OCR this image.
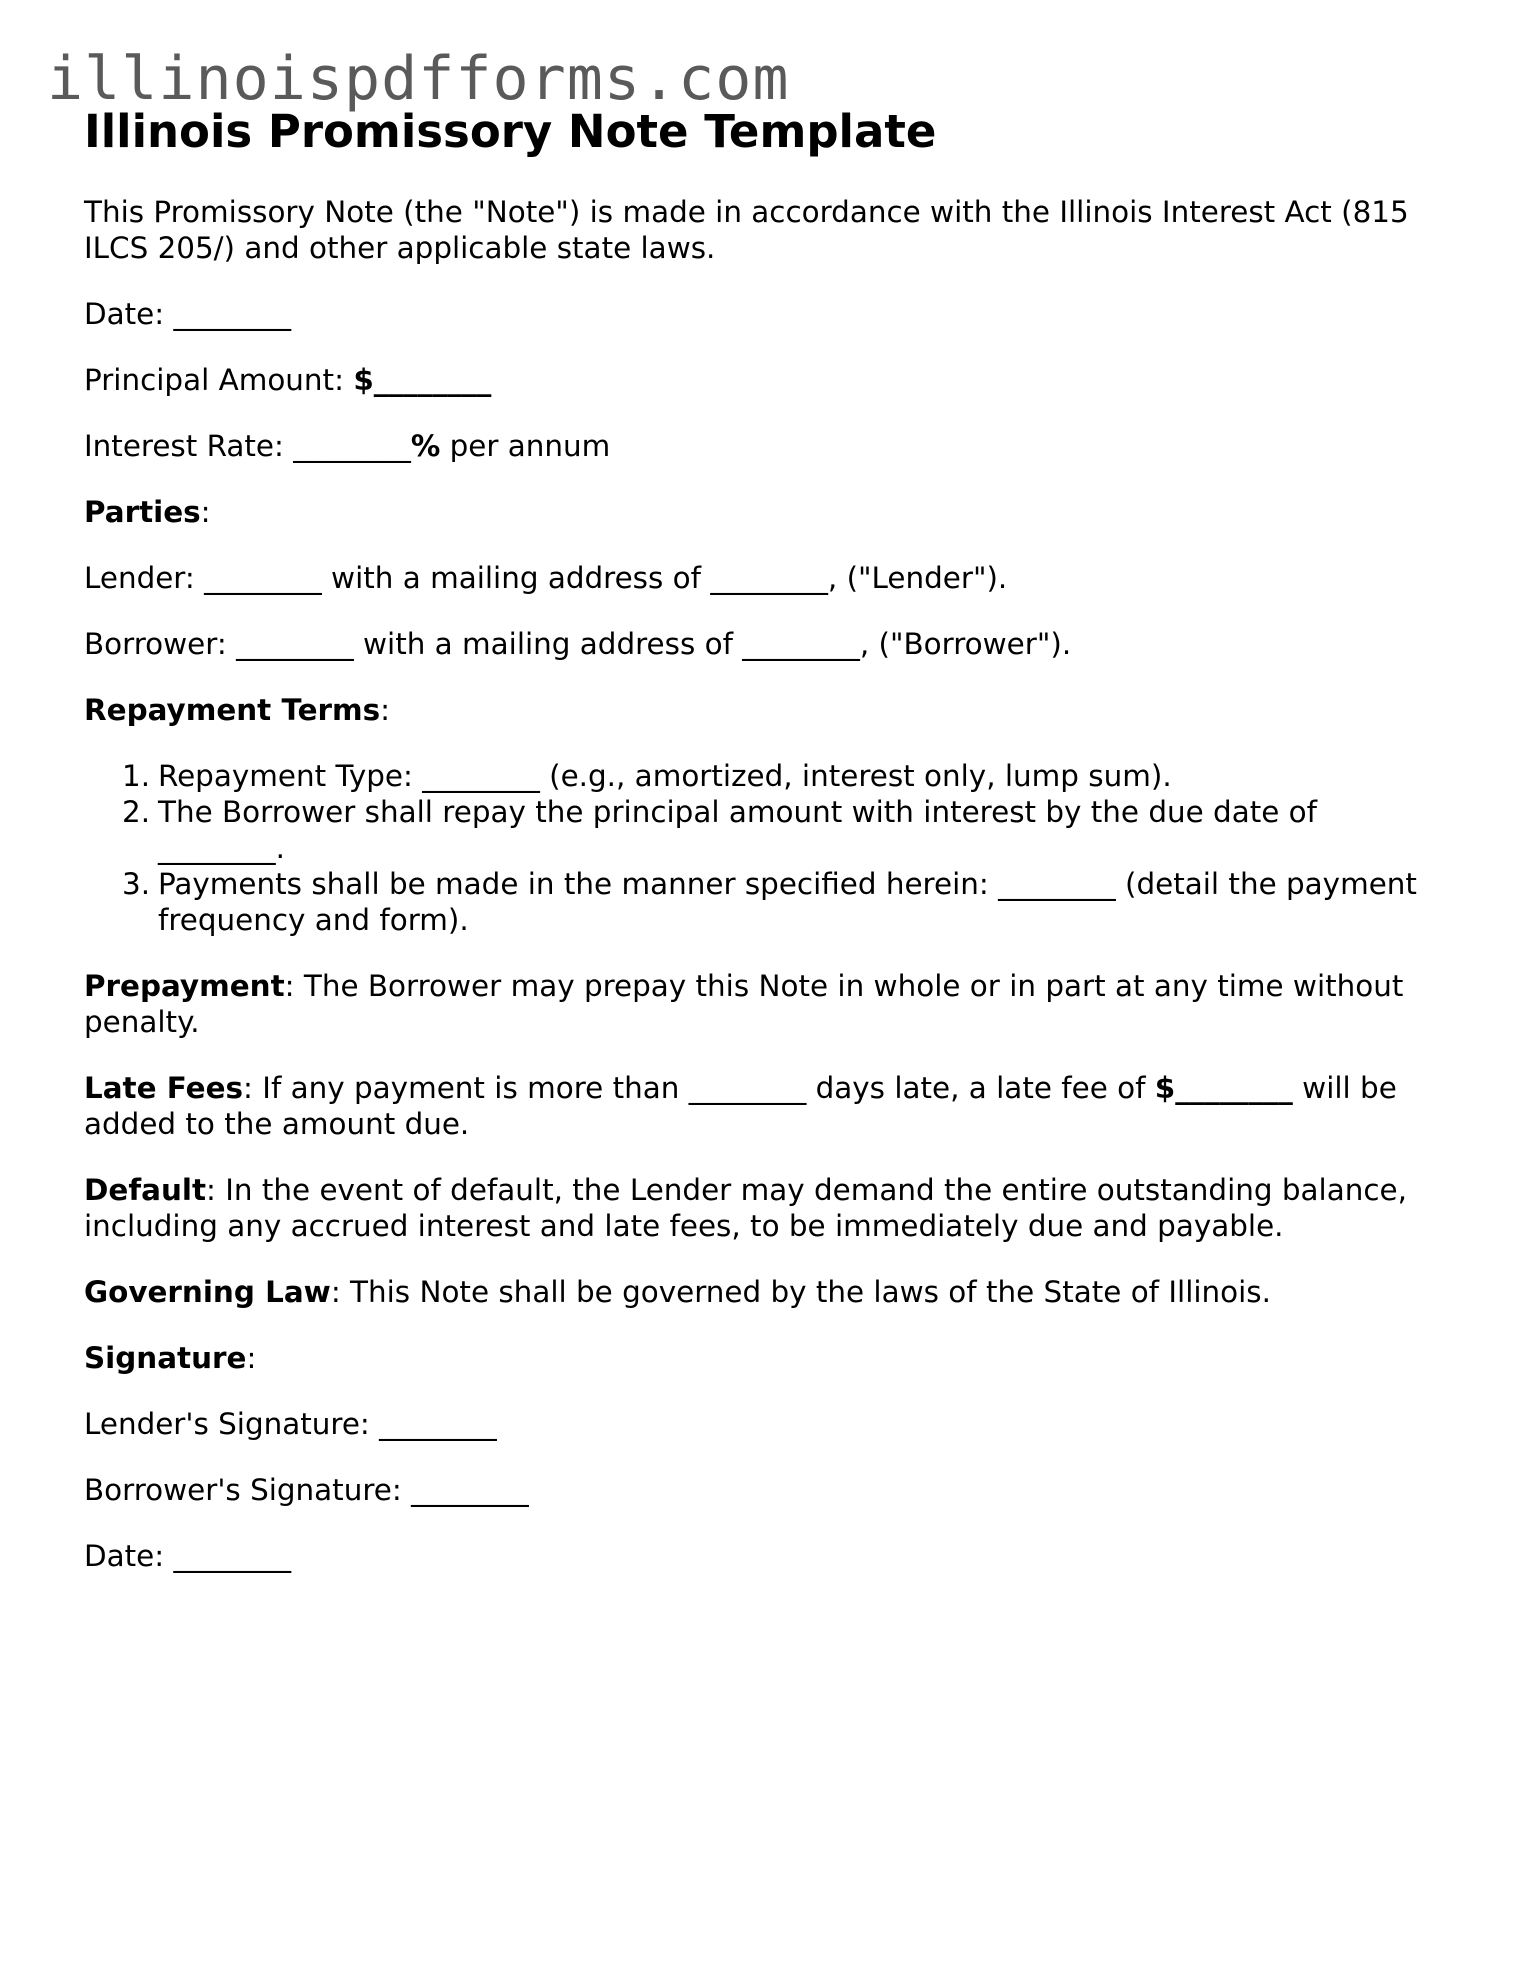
illinoispdfforms.com
Illinois Promissory Note Template

This Promissory Note (the "Note") is made in accordance with the Illinois Interest Act (815 ILCS 205/) and other applicable state laws.

Date: ________

Principal Amount: $________

Interest Rate: ________% per annum

Parties:

Lender: ________ with a mailing address of ________, ("Lender").

Borrower: ________ with a mailing address of ________, ("Borrower").

Repayment Terms:

1. Repayment Type: ________ (e.g., amortized, interest only, lump sum).
2. The Borrower shall repay the principal amount with interest by the due date of ________.
3. Payments shall be made in the manner specified herein: ________ (detail the payment frequency and form).

Prepayment: The Borrower may prepay this Note in whole or in part at any time without penalty.

Late Fees: If any payment is more than ________ days late, a late fee of $________ will be added to the amount due.

Default: In the event of default, the Lender may demand the entire outstanding balance, including any accrued interest and late fees, to be immediately due and payable.

Governing Law: This Note shall be governed by the laws of the State of Illinois.

Signature:

Lender's Signature: ________

Borrower's Signature: ________

Date: ________
